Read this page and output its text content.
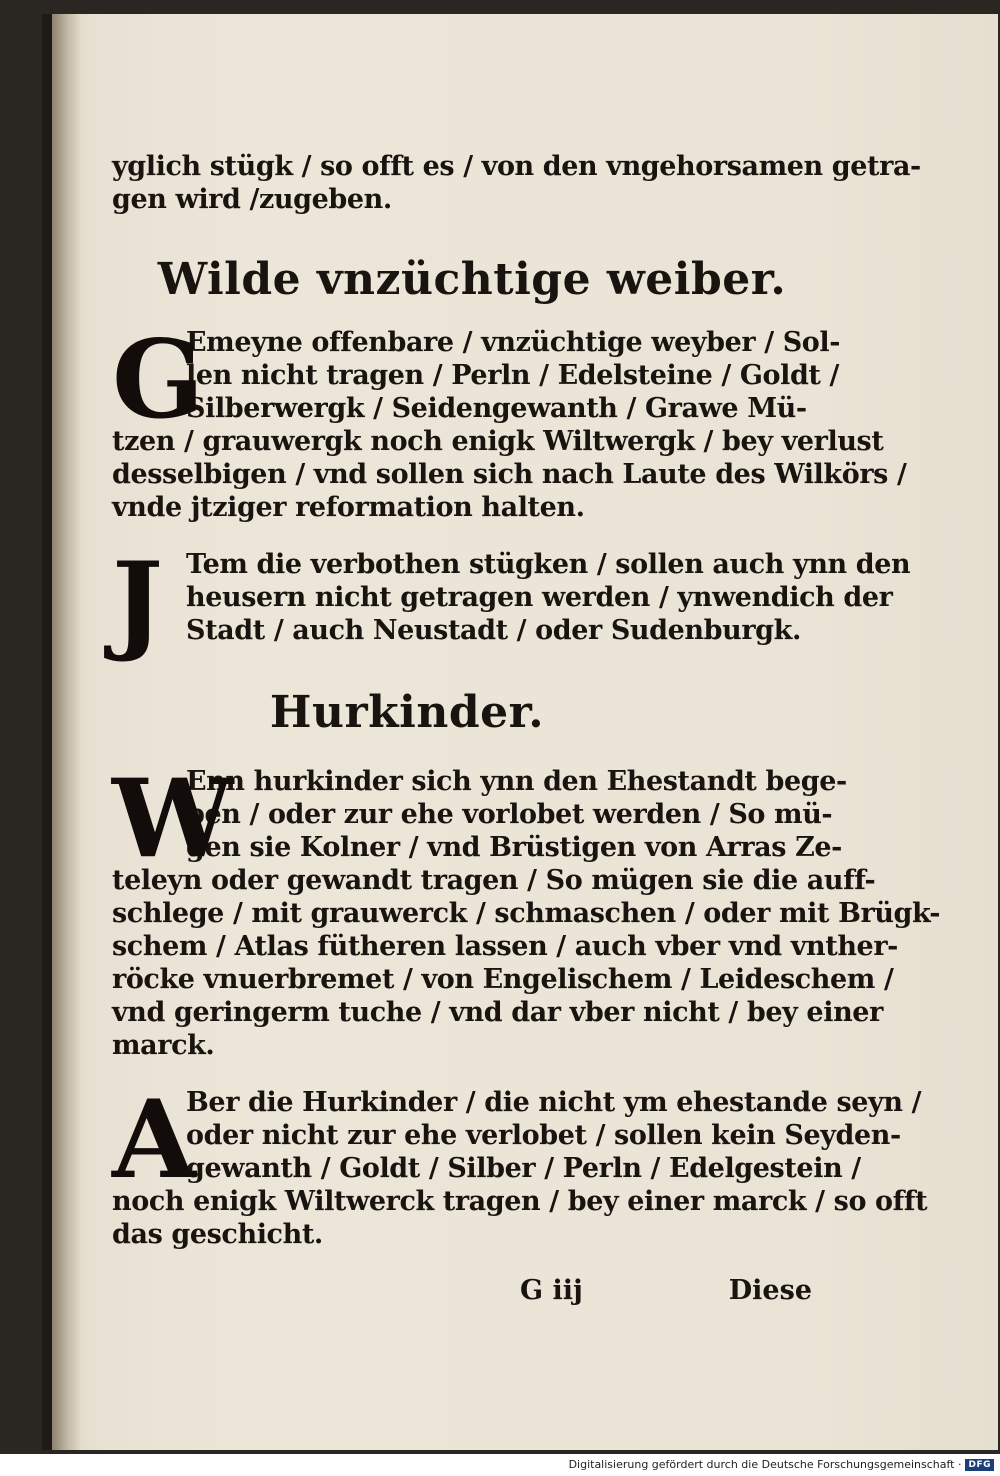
yglich stügk / so offt es / von den vngehorsamen getra-
gen wird /zugeben.
Wilde vnzüchtige weiber.
G
Emeyne offenbare / vnzüchtige weyber / Sol-
len nicht tragen / Perln / Edelsteine / Goldt /
Silberwergk / Seidengewanth / Grawe Mü-
tzen / grauwergk noch enigk Wiltwergk / bey verlust
desselbigen / vnd sollen sich nach Laute des Wilkörs /
vnde jtziger reformation halten.
J Tem die verbothen stügken / sollen auch ynn den
heusern nicht getragen werden / ynwendich der
Stadt / auch Neustadt / oder Sudenburgk.
Hurkinder.
W
Enn hurkinder sich ynn den Ehestandt bege-
ben / oder zur ehe vorlobet werden / So mü-
gen sie Kolner / vnd Brüstigen von Arras Ze-
teleyn oder gewandt tragen / So mügen sie die auff-
schlege / mit grauwerck / schmaschen / oder mit Brügk-
schem / Atlas fütheren lassen / auch vber vnd vnther-
röcke vnuerbremet / von Engelischem / Leideschem /
vnd geringerm tuche / vnd dar vber nicht / bey einer
marck.
A
Ber die Hurkinder / die nicht ym ehestande seyn /
oder nicht zur ehe verlobet / sollen kein Seyden-
gewanth / Goldt / Silber / Perln / Edelgestein /
noch enigk Wiltwerck tragen / bey einer marck / so offt
das geschicht.
G iij	Diese
Digitalisierung gefördert durch die Deutsche Forschungsgemeinschaft · DFG
